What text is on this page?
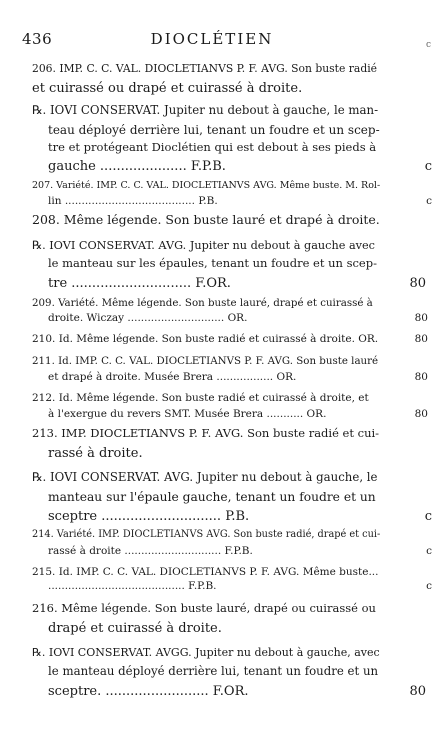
436	DIOCLÉTIEN	c
206. IMP. C. C. VAL. DIOCLETIANVS P. F. AVG. Son buste radié
et cuirassé ou drapé et cuirassé à droite.
℞. IOVI CONSERVAT. Jupiter nu debout à gauche, le man-
teau déployé derrière lui, tenant un foudre et un scep-
tre et protégeant Dioclétien qui est debout à ses pieds à
gauche ..................... F.P.B.	c
207. Variété. IMP. C. C. VAL. DIOCLETIANVS AVG. Même buste. M. Rol-
lin ....................................... P.B.	c
208. Même légende. Son buste lauré et drapé à droite.
℞. IOVI CONSERVAT. AVG. Jupiter nu debout à gauche avec
le manteau sur les épaules, tenant un foudre et un scep-
tre ............................. F.OR.	80
209. Variété. Même légende. Son buste lauré, drapé et cuirassé à
droite. Wiczay ............................. OR.	80
210. Id. Même légende. Son buste radié et cuirassé à droite. OR.	80
211. Id. IMP. C. C. VAL. DIOCLETIANVS P. F. AVG. Son buste lauré
et drapé à droite. Musée Brera ................. OR.	80
212. Id. Même légende. Son buste radié et cuirassé à droite, et
à l'exergue du revers SMT. Musée Brera ........... OR.	80
213. IMP. DIOCLETIANVS P. F. AVG. Son buste radié et cui-
rassé à droite.
℞. IOVI CONSERVAT. AVG. Jupiter nu debout à gauche, le
manteau sur l'épaule gauche, tenant un foudre et un
sceptre ............................. P.B.	c
214. Variété. IMP. DIOCLETIANVS AVG. Son buste radié, drapé et cui-
rassé à droite ............................. F.P.B.	c
215. Id. IMP. C. C. VAL. DIOCLETIANVS P. F. AVG. Même buste...
......................................... F.P.B.	c
216. Même légende. Son buste lauré, drapé ou cuirassé ou
drapé et cuirassé à droite.
℞. IOVI CONSERVAT. AVGG. Jupiter nu debout à gauche, avec
le manteau déployé derrière lui, tenant un foudre et un
sceptre. ......................... F.OR.	80
